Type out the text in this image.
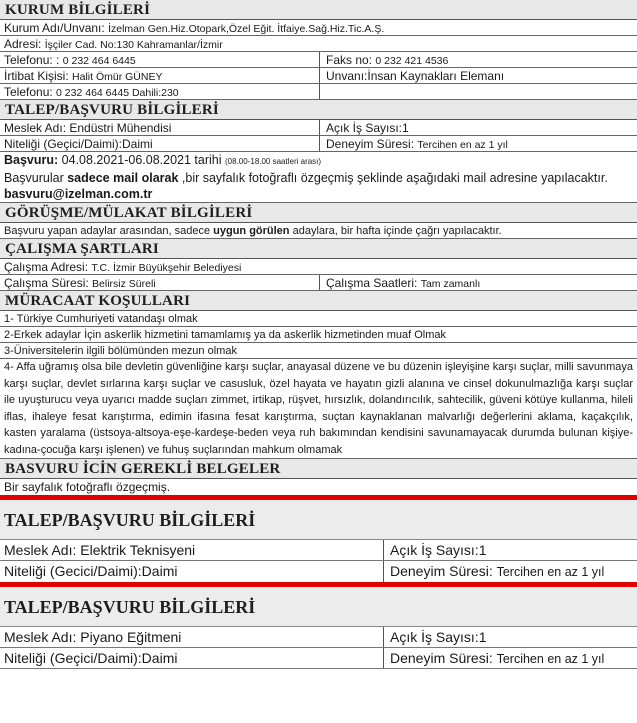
KURUM BİLGİLERİ
Kurum Adı/Unvanı: İzelman Gen.Hiz.Otopark,Özel Eğit. İtfaiye.Sağ.Hiz.Tic.A.Ş.
Adresi: İşçiler Cad. No:130 Kahramanlar/İzmir
Telefonu: : 0 232 464 6445	Faks no: 0 232 421 4536
İrtibat Kişisi: Halit Ömür GÜNEY	Unvanı:İnsan Kaynakları Elemanı
Telefonu: 0 232 464 6445 Dahili:230
TALEP/BAŞVURU BİLGİLERİ
Meslek Adı: Endüstri Mühendisi	Açık İş Sayısı:1
Niteliği (Geçici/Daimi):Daimi	Deneyim Süresi: Tercihen en az 1 yıl
Başvuru: 04.08.2021-06.08.2021 tarihi (08.00-18.00 saatleri arası)
Başvurular sadece mail olarak ,bir sayfalık fotoğraflı özgeçmiş şeklinde aşağıdaki mail adresine yapılacaktır.
basvuru@izelman.com.tr
GÖRÜŞME/MÜLAKAT BİLGİLERİ
Başvuru yapan adaylar arasından, sadece uygun görülen adaylara, bir hafta içinde çağrı yapılacaktır.
ÇALIŞMA ŞARTLARI
Çalışma Adresi: T.C. İzmir Büyükşehir Belediyesi
Çalışma Süresi: Belirsiz Süreli	Çalışma Saatleri: Tam zamanlı
MÜRACAAT KOŞULLARI
1- Türkiye Cumhuriyeti vatandaşı olmak
2-Erkek adaylar İçin askerlik hizmetini tamamlamış ya da askerlik hizmetinden muaf Olmak
3-Üniversitelerin ilgili bölümünden mezun olmak
4- Affa uğramış olsa bile devletin güvenliğine karşı suçlar, anayasal düzene ve bu düzenin işleyişine karşı suçlar, milli savunmaya karşı suçlar, devlet sırlarına karşı suçlar ve casusluk, özel hayata ve hayatın gizli alanına ve cinsel dokunulmazlığa karşı suçlar ile uyuşturucu veya uyarıcı madde suçları zimmet, irtikap, rüşvet, hırsızlık, dolandırıcılık, sahtecilik, güveni kötüye kullanma, hileli iflas, ihaleye fesat karıştırma, edimin ifasına fesat karıştırma, suçtan kaynaklanan malvarlığı değerlerini aklama, kaçakçılık, kasten yaralama (üstsoya-altsoya-eşe-kardeşe-beden veya ruh bakımından kendisini savunamayacak durumda bulunan kişiye-kadına-çocuğa karşı işlenen) ve fuhuş suçlarından mahkum olmamak
BASVURU İCİN GEREKLİ BELGELER
Bir sayfalık fotoğraflı özgeçmiş.
TALEP/BAŞVURU BİLGİLERİ
Meslek Adı: Elektrik Teknisyeni	Açık İş Sayısı:1
Niteliği (Gecici/Daimi):Daimi	Deneyim Süresi: Tercihen en az 1 yıl
TALEP/BAŞVURU BİLGİLERİ
Meslek Adı: Piyano Eğitmeni	Açık İş Sayısı:1
Niteliği (Geçici/Daimi):Daimi	Deneyim Süresi: Tercihen en az 1 yıl
